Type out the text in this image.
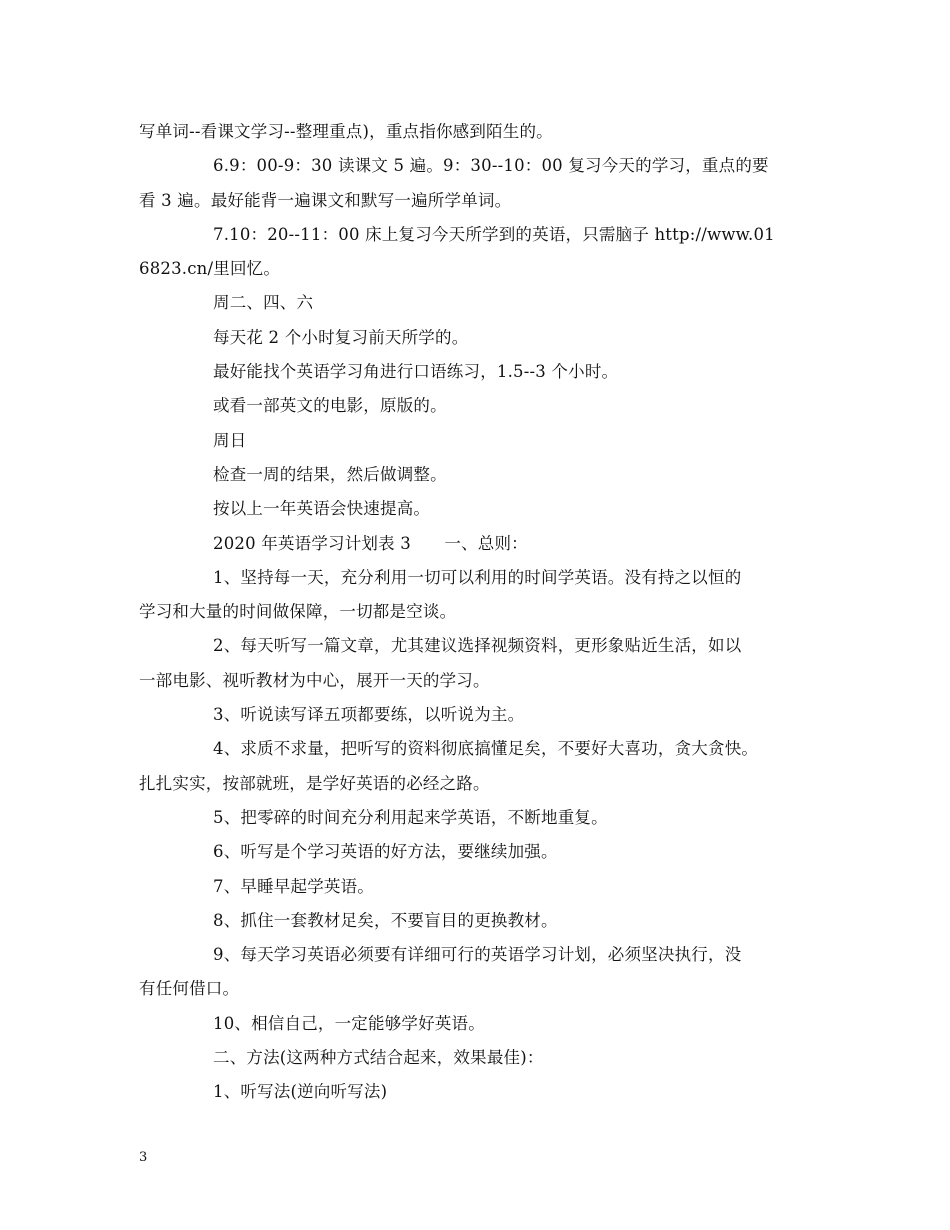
写单词--看课文学习--整理重点)，重点指你感到陌生的。
6.9：00-9：30 读课文 5 遍。9：30--10：00 复习今天的学习，重点的要
看 3 遍。最好能背一遍课文和默写一遍所学单词。
7.10：20--11：00 床上复习今天所学到的英语，只需脑子 http://www.01
6823.cn/里回忆。
周二、四、六
每天花 2 个小时复习前天所学的。
最好能找个英语学习角进行口语练习，1.5--3 个小时。
或看一部英文的电影，原版的。
周日
检查一周的结果，然后做调整。
按以上一年英语会快速提高。
2020 年英语学习计划表 3　　一、总则：
1、坚持每一天，充分利用一切可以利用的时间学英语。没有持之以恒的
学习和大量的时间做保障，一切都是空谈。
2、每天听写一篇文章，尤其建议选择视频资料，更形象贴近生活，如以
一部电影、视听教材为中心，展开一天的学习。
3、听说读写译五项都要练，以听说为主。
4、求质不求量，把听写的资料彻底搞懂足矣，不要好大喜功，贪大贪快。
扎扎实实，按部就班，是学好英语的必经之路。
5、把零碎的时间充分利用起来学英语，不断地重复。
6、听写是个学习英语的好方法，要继续加强。
7、早睡早起学英语。
8、抓住一套教材足矣，不要盲目的更换教材。
9、每天学习英语必须要有详细可行的英语学习计划，必须坚决执行，没
有任何借口。
10、相信自己，一定能够学好英语。
二、方法(这两种方式结合起来，效果最佳)：
1、听写法(逆向听写法)
3
